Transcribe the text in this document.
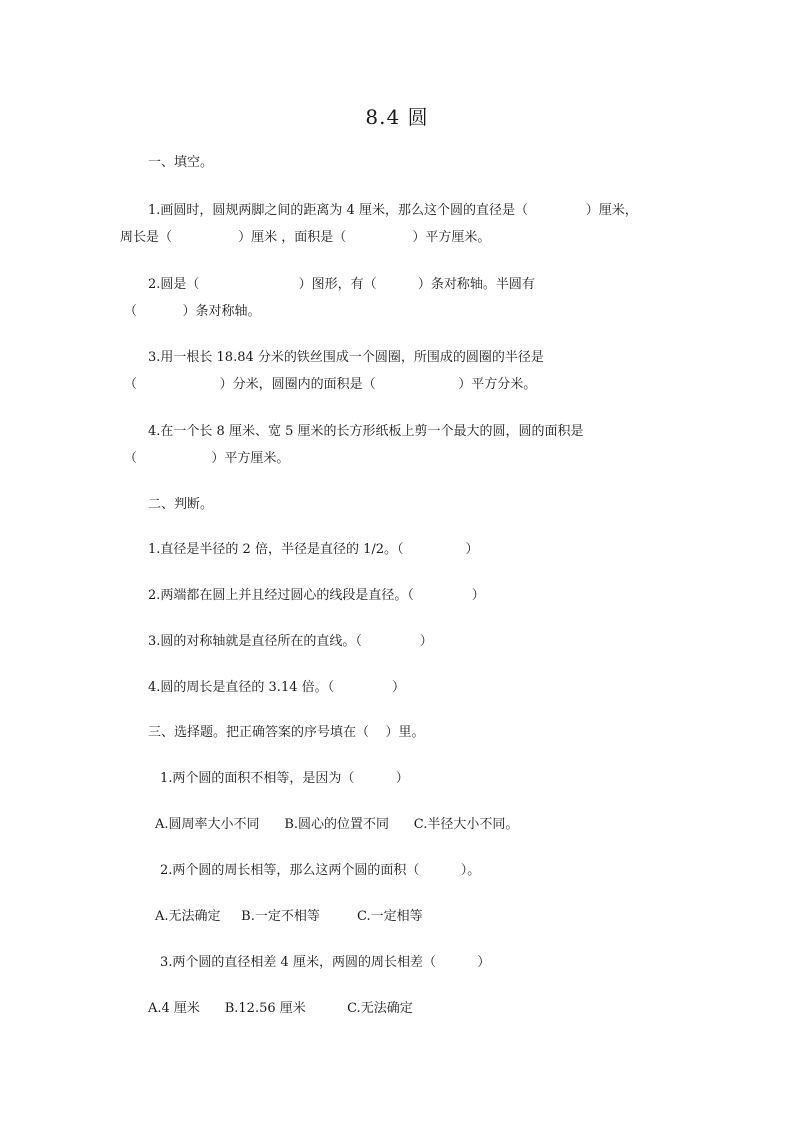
8.4 圆
一、填空。
1.画圆时，圆规两脚之间的距离为 4 厘米，那么这个圆的直径是（              ）厘米，
周长是（                ）厘米 ，面积是（                ）平方厘米。
2.圆是（                        ）图形，有（          ）条对称轴。半圆有
（           ）条对称轴。
3.用一根长 18.84 分米的铁丝围成一个圆圈，所围成的圆圈的半径是
（                    ）分米，圆圈内的面积是（                    ）平方分米。
4.在一个长 8 厘米、宽 5 厘米的长方形纸板上剪一个最大的圆，圆的面积是
（                  ）平方厘米。
二、判断。
1.直径是半径的 2 倍，半径是直径的 1/2。（               ）
2.两端都在圆上并且经过圆心的线段是直径。（              ）
3.圆的对称轴就是直径所在的直线。（              ）
4.圆的周长是直径的 3.14 倍。（              ）
三、选择题。把正确答案的序号填在（    ）里。
1.两个圆的面积不相等，是因为（          ）
A.圆周率大小不同      B.圆心的位置不同      C.半径大小不同。
2.两个圆的周长相等，那么这两个圆的面积（          ）。
A.无法确定     B.一定不相等         C.一定相等
3.两个圆的直径相差 4 厘米，两圆的周长相差（          ）
A.4 厘米      B.12.56 厘米          C.无法确定
